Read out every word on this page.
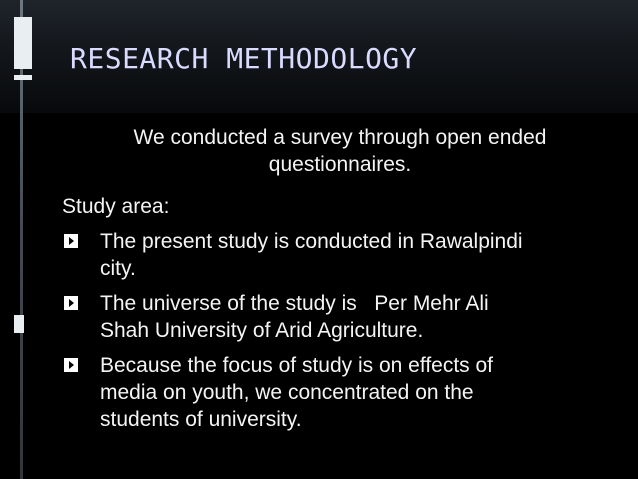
RESEARCH METHODOLOGY

We conducted a survey through open ended
questionnaires.

Study area:

The present study is conducted in Rawalpindi
city.
The universe of the study is   Per Mehr Ali
Shah University of Arid Agriculture.
Because the focus of study is on effects of
media on youth, we concentrated on the
students of university.
